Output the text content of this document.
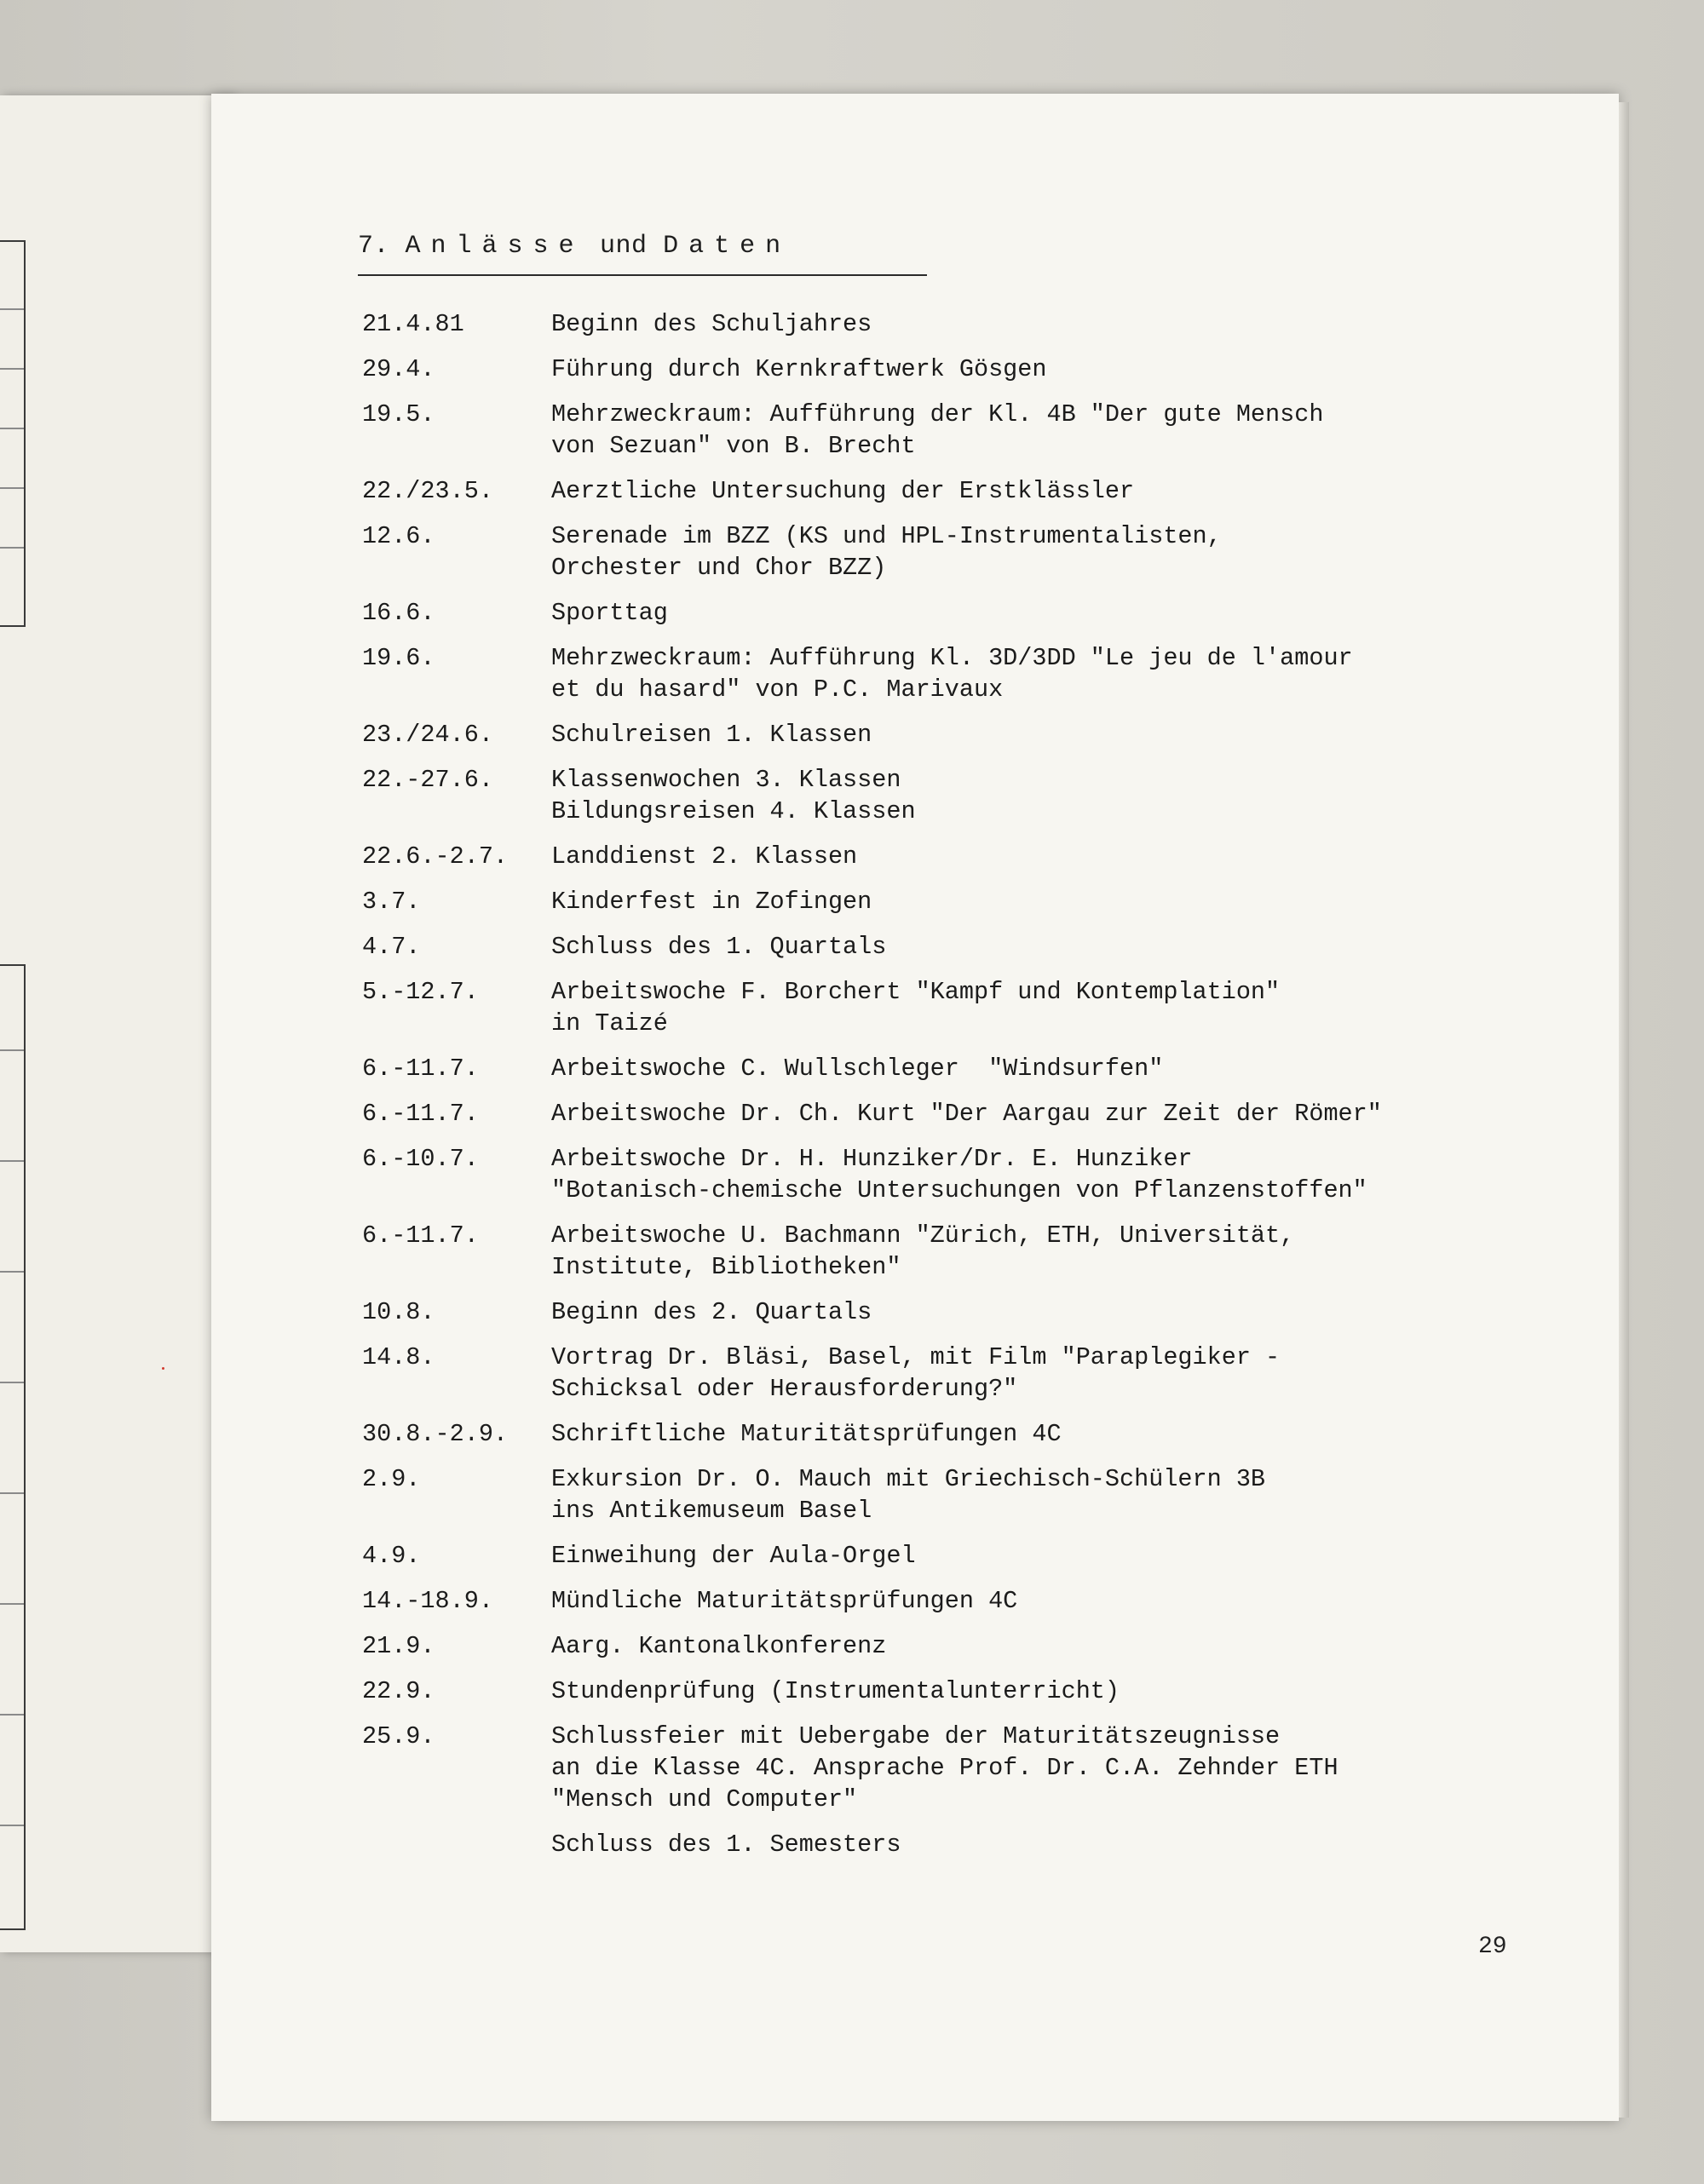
7. Anlässe und Daten
21.4.81	Beginn des Schuljahres
29.4.	Führung durch Kernkraftwerk Gösgen
19.5.	Mehrzweckraum: Aufführung der Kl. 4B "Der gute Mensch
von Sezuan" von B. Brecht
22./23.5. Aerztliche Untersuchung der Erstklässler
12.6.	Serenade im BZZ (KS und HPL-Instrumentalisten,
Orchester und Chor BZZ)
16.6.	Sporttag
19.6.	Mehrzweckraum: Aufführung Kl. 3D/3DD "Le jeu de l'amour
et du hasard" von P.C. Marivaux
23./24.6. Schulreisen 1. Klassen
22.-27.6. Klassenwochen 3. Klassen
Bildungsreisen 4. Klassen
22.6.-2.7. Landdienst 2. Klassen
3.7.	Kinderfest in Zofingen
4.7.	Schluss des 1. Quartals
5.-12.7.	Arbeitswoche F. Borchert "Kampf und Kontemplation"
in Taizé
6.-11.7.	Arbeitswoche C. Wullschleger  "Windsurfen"
6.-11.7.	Arbeitswoche Dr. Ch. Kurt "Der Aargau zur Zeit der Römer"
6.-10.7.	Arbeitswoche Dr. H. Hunziker/Dr. E. Hunziker
"Botanisch-chemische Untersuchungen von Pflanzenstoffen"
6.-11.7.	Arbeitswoche U. Bachmann "Zürich, ETH, Universität,
Institute, Bibliotheken"
10.8.	Beginn des 2. Quartals
14.8.	Vortrag Dr. Bläsi, Basel, mit Film "Paraplegiker -
Schicksal oder Herausforderung?"
30.8.-2.9. Schriftliche Maturitätsprüfungen 4C
2.9.	Exkursion Dr. O. Mauch mit Griechisch-Schülern 3B
ins Antikemuseum Basel
4.9.	Einweihung der Aula-Orgel
14.-18.9. Mündliche Maturitätsprüfungen 4C
21.9.	Aarg. Kantonalkonferenz
22.9.	Stundenprüfung (Instrumentalunterricht)
25.9.	Schlussfeier mit Uebergabe der Maturitätszeugnisse
an die Klasse 4C. Ansprache Prof. Dr. C.A. Zehnder ETH
"Mensch und Computer"
Schluss des 1. Semesters
29
